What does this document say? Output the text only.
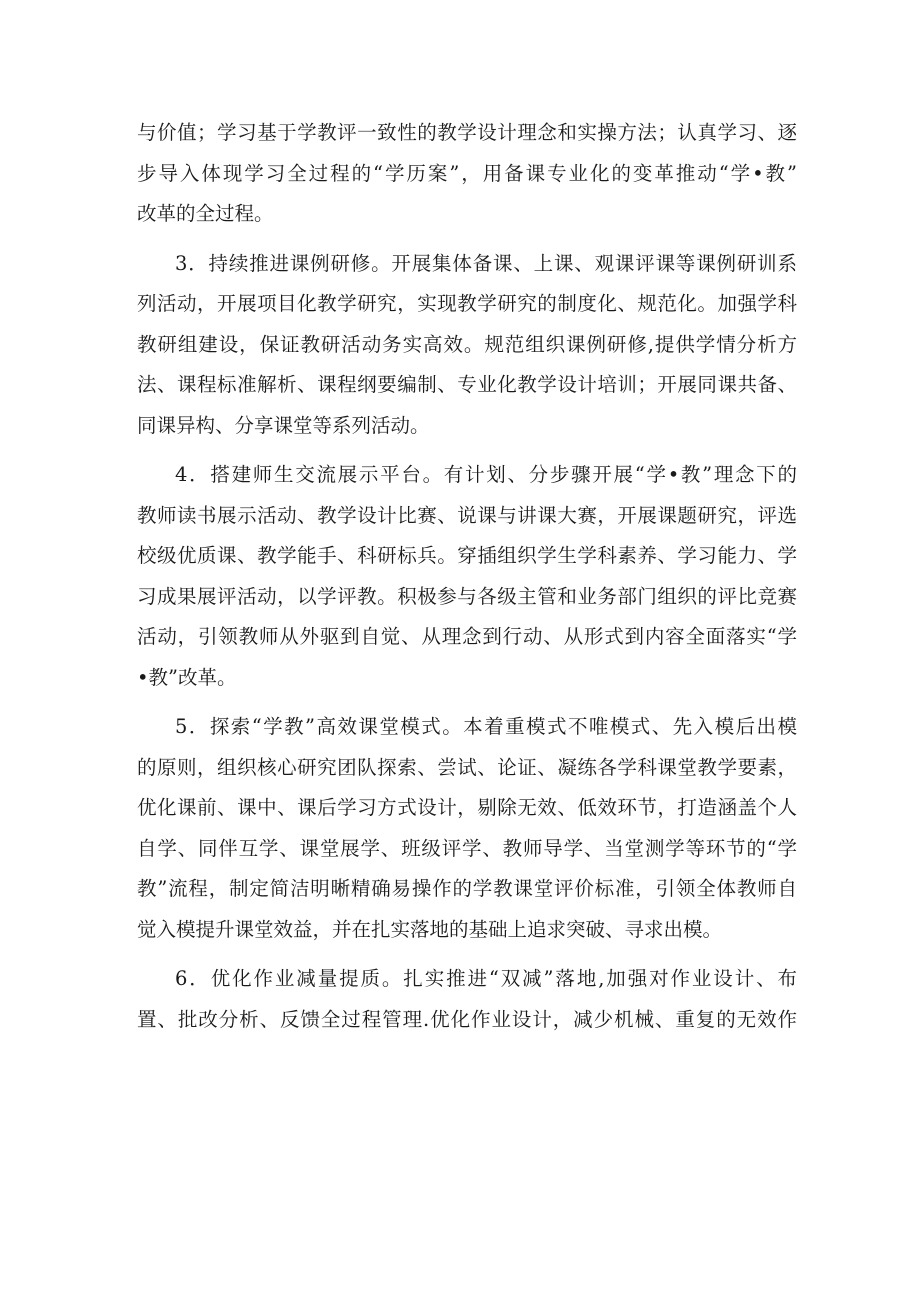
与价值；学习基于学教评一致性的教学设计理念和实操方法；认真学习、逐
步导入体现学习全过程的“学历案”，用备课专业化的变革推动“学•教”
改革的全过程。
3．持续推进课例研修。开展集体备课、上课、观课评课等课例研训系
列活动，开展项目化教学研究，实现教学研究的制度化、规范化。加强学科
教研组建设，保证教研活动务实高效。规范组织课例研修,提供学情分析方
法、课程标准解析、课程纲要编制、专业化教学设计培训；开展同课共备、
同课异构、分享课堂等系列活动。
4．搭建师生交流展示平台。有计划、分步骤开展“学•教”理念下的
教师读书展示活动、教学设计比赛、说课与讲课大赛，开展课题研究，评选
校级优质课、教学能手、科研标兵。穿插组织学生学科素养、学习能力、学
习成果展评活动，以学评教。积极参与各级主管和业务部门组织的评比竞赛
活动，引领教师从外驱到自觉、从理念到行动、从形式到内容全面落实“学
•教”改革。
5．探索“学教”高效课堂模式。本着重模式不唯模式、先入模后出模
的原则，组织核心研究团队探索、尝试、论证、凝练各学科课堂教学要素，
优化课前、课中、课后学习方式设计，剔除无效、低效环节，打造涵盖个人
自学、同伴互学、课堂展学、班级评学、教师导学、当堂测学等环节的“学
教”流程，制定简洁明晰精确易操作的学教课堂评价标准，引领全体教师自
觉入模提升课堂效益，并在扎实落地的基础上追求突破、寻求出模。
6．优化作业减量提质。扎实推进“双减”落地,加强对作业设计、布
置、批改分析、反馈全过程管理.优化作业设计，减少机械、重复的无效作
